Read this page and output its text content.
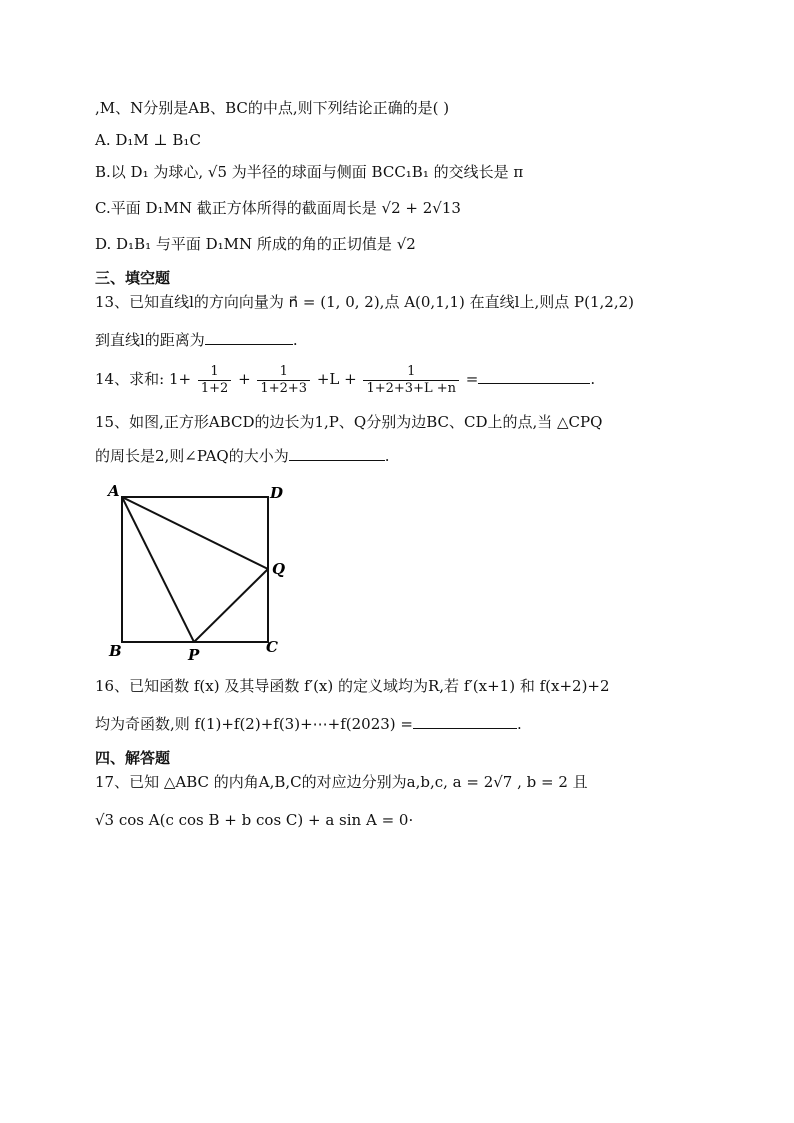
,M、N分别是AB、BC的中点,则下列结论正确的是( )
A. D₁M ⊥ B₁C
B.以 D₁ 为球心, √5 为半径的球面与侧面 BCC₁B₁ 的交线长是 π
C.平面 D₁MN 截正方体所得的截面周长是 √2 + 2√13
D. D₁B₁ 与平面 D₁MN 所成的角的正切值是 √2
三、填空题
13、已知直线l的方向向量为 n⃗ = (1, 0, 2),点 A(0,1,1) 在直线l上,则点 P(1,2,2)
到直线l的距离为	.
14、求和: $1+ \frac{1}{1+2} + \frac{1}{1+2+3} +L + \frac{1}{1+2+3+L +n}$ =	.
15、如图,正方形ABCD的边长为1,P、Q分别为边BC、CD上的点,当 △CPQ
的周长是2,则∠PAQ的大小为	.
A	D
Q
B	P	C
16、已知函数 f(x) 及其导函数 f′(x) 的定义域均为R,若 f′(x+1) 和 f(x+2)+2
均为奇函数,则 f(1)+f(2)+f(3)+⋯+f(2023) =	.
四、解答题
17、已知 △ABC 的内角A,B,C的对应边分别为a,b,c, a = 2√7 , b = 2 且
√3 cos A(c cos B + b cos C) + a sin A = 0·
